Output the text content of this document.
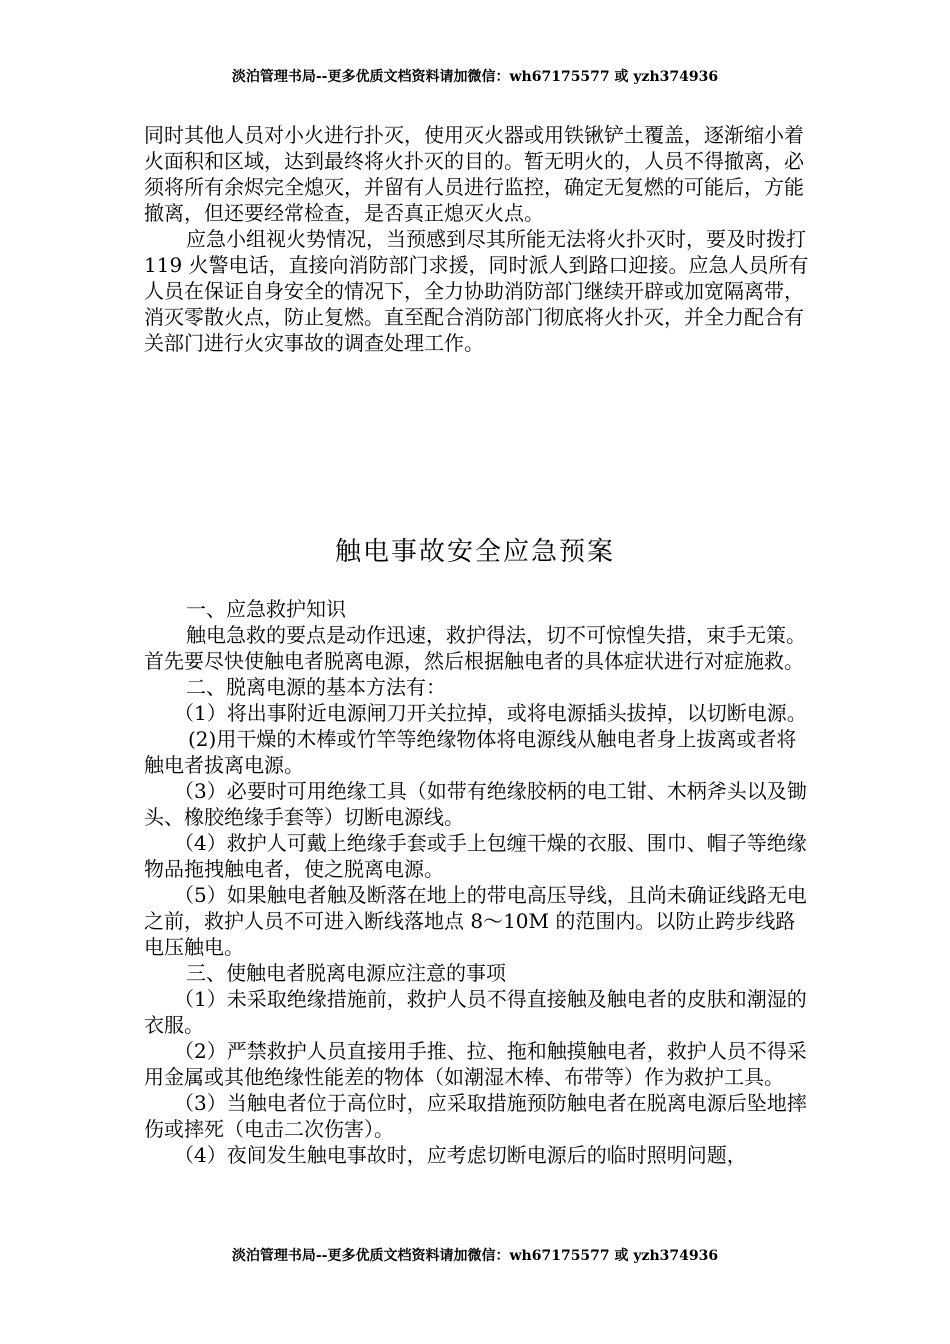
淡泊管理书局--更多优质文档资料请加微信：wh67175577 或 yzh374936

同时其他人员对小火进行扑灭，使用灭火器或用铁锹铲土覆盖，逐渐缩小着火面积和区域，达到最终将火扑灭的目的。暂无明火的，人员不得撤离，必须将所有余烬完全熄灭，并留有人员进行监控，确定无复燃的可能后，方能撤离，但还要经常检查，是否真正熄灭火点。

应急小组视火势情况，当预感到尽其所能无法将火扑灭时，要及时拨打 119 火警电话，直接向消防部门求援，同时派人到路口迎接。应急人员所有人员在保证自身安全的情况下，全力协助消防部门继续开辟或加宽隔离带，消灭零散火点，防止复燃。直至配合消防部门彻底将火扑灭，并全力配合有关部门进行火灾事故的调查处理工作。

触电事故安全应急预案

一、应急救护知识

触电急救的要点是动作迅速，救护得法，切不可惊惶失措，束手无策。首先要尽快使触电者脱离电源，然后根据触电者的具体症状进行对症施救。

二、脱离电源的基本方法有：

（1）将出事附近电源闸刀开关拉掉，或将电源插头拔掉，以切断电源。

(2)用干燥的木棒或竹竿等绝缘物体将电源线从触电者身上拔离或者将触电者拔离电源。

（3）必要时可用绝缘工具（如带有绝缘胶柄的电工钳、木柄斧头以及锄头、橡胶绝缘手套等）切断电源线。

（4）救护人可戴上绝缘手套或手上包缠干燥的衣服、围巾、帽子等绝缘物品拖拽触电者，使之脱离电源。

（5）如果触电者触及断落在地上的带电高压导线，且尚未确证线路无电之前，救护人员不可进入断线落地点 8～10M 的范围内。以防止跨步线路电压触电。

三、使触电者脱离电源应注意的事项

（1）未采取绝缘措施前，救护人员不得直接触及触电者的皮肤和潮湿的衣服。

（2）严禁救护人员直接用手推、拉、拖和触摸触电者，救护人员不得采用金属或其他绝缘性能差的物体（如潮湿木棒、布带等）作为救护工具。

（3）当触电者位于高位时，应采取措施预防触电者在脱离电源后坠地摔伤或摔死（电击二次伤害）。

（4）夜间发生触电事故时，应考虑切断电源后的临时照明问题，

淡泊管理书局--更多优质文档资料请加微信：wh67175577 或 yzh374936
